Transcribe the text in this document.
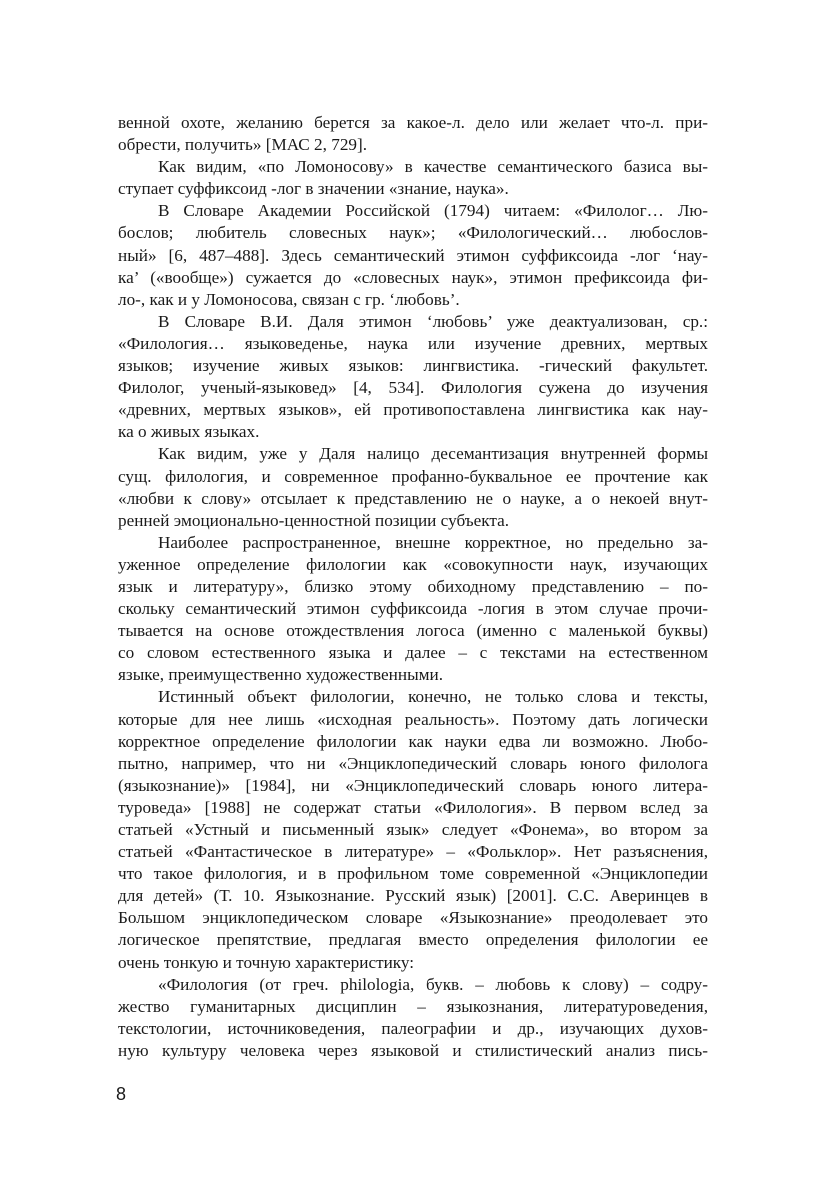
венной охоте, желанию берется за какое-л. дело или желает что-л. при-
обрести, получить» [МАС 2, 729].
Как видим, «по Ломоносову» в качестве семантического базиса вы-
ступает суффиксоид -лог в значении «знание, наука».
В Словаре Академии Российской (1794) читаем: «Филолог… Лю-
бослов; любитель словесных наук»; «Филологический… любослов-
ный» [6, 487–488]. Здесь семантический этимон суффиксоида -лог ‘нау-
ка’ («вообще») сужается до «словесных наук», этимон префиксоида фи-
ло-, как и у Ломоносова, связан с гр. ‘любовь’.
В Словаре В.И. Даля этимон ‘любовь’ уже деактуализован, ср.:
«Филология… языковеденье, наука или изучение древних, мертвых
языков; изучение живых языков: лингвистика. -гический факультет.
Филолог, ученый-языковед» [4, 534]. Филология сужена до изучения
«древних, мертвых языков», ей противопоставлена лингвистика как нау-
ка о живых языках.
Как видим, уже у Даля налицо десемантизация внутренней формы
сущ. филология, и современное профанно-буквальное ее прочтение как
«любви к слову» отсылает к представлению не о науке, а о некоей внут-
ренней эмоционально-ценностной позиции субъекта.
Наиболее распространенное, внешне корректное, но предельно за-
уженное определение филологии как «совокупности наук, изучающих
язык и литературу», близко этому обиходному представлению – по-
скольку семантический этимон суффиксоида -логия в этом случае прочи-
тывается на основе отождествления логоса (именно с маленькой буквы)
со словом естественного языка и далее – с текстами на естественном
языке, преимущественно художественными.
Истинный объект филологии, конечно, не только слова и тексты,
которые для нее лишь «исходная реальность». Поэтому дать логически
корректное определение филологии как науки едва ли возможно. Любо-
пытно, например, что ни «Энциклопедический словарь юного филолога
(языкознание)» [1984], ни «Энциклопедический словарь юного литера-
туроведа» [1988] не содержат статьи «Филология». В первом вслед за
статьей «Устный и письменный язык» следует «Фонема», во втором за
статьей «Фантастическое в литературе» – «Фольклор». Нет разъяснения,
что такое филология, и в профильном томе современной «Энциклопедии
для детей» (Т. 10. Языкознание. Русский язык) [2001]. С.С. Аверинцев в
Большом энциклопедическом словаре «Языкознание» преодолевает это
логическое препятствие, предлагая вместо определения филологии ее
очень тонкую и точную характеристику:
«Филология (от греч. philologia, букв. – любовь к слову) – содру-
жество гуманитарных дисциплин – языкознания, литературоведения,
текстологии, источниковедения, палеографии и др., изучающих духов-
ную культуру человека через языковой и стилистический анализ пись-
8
